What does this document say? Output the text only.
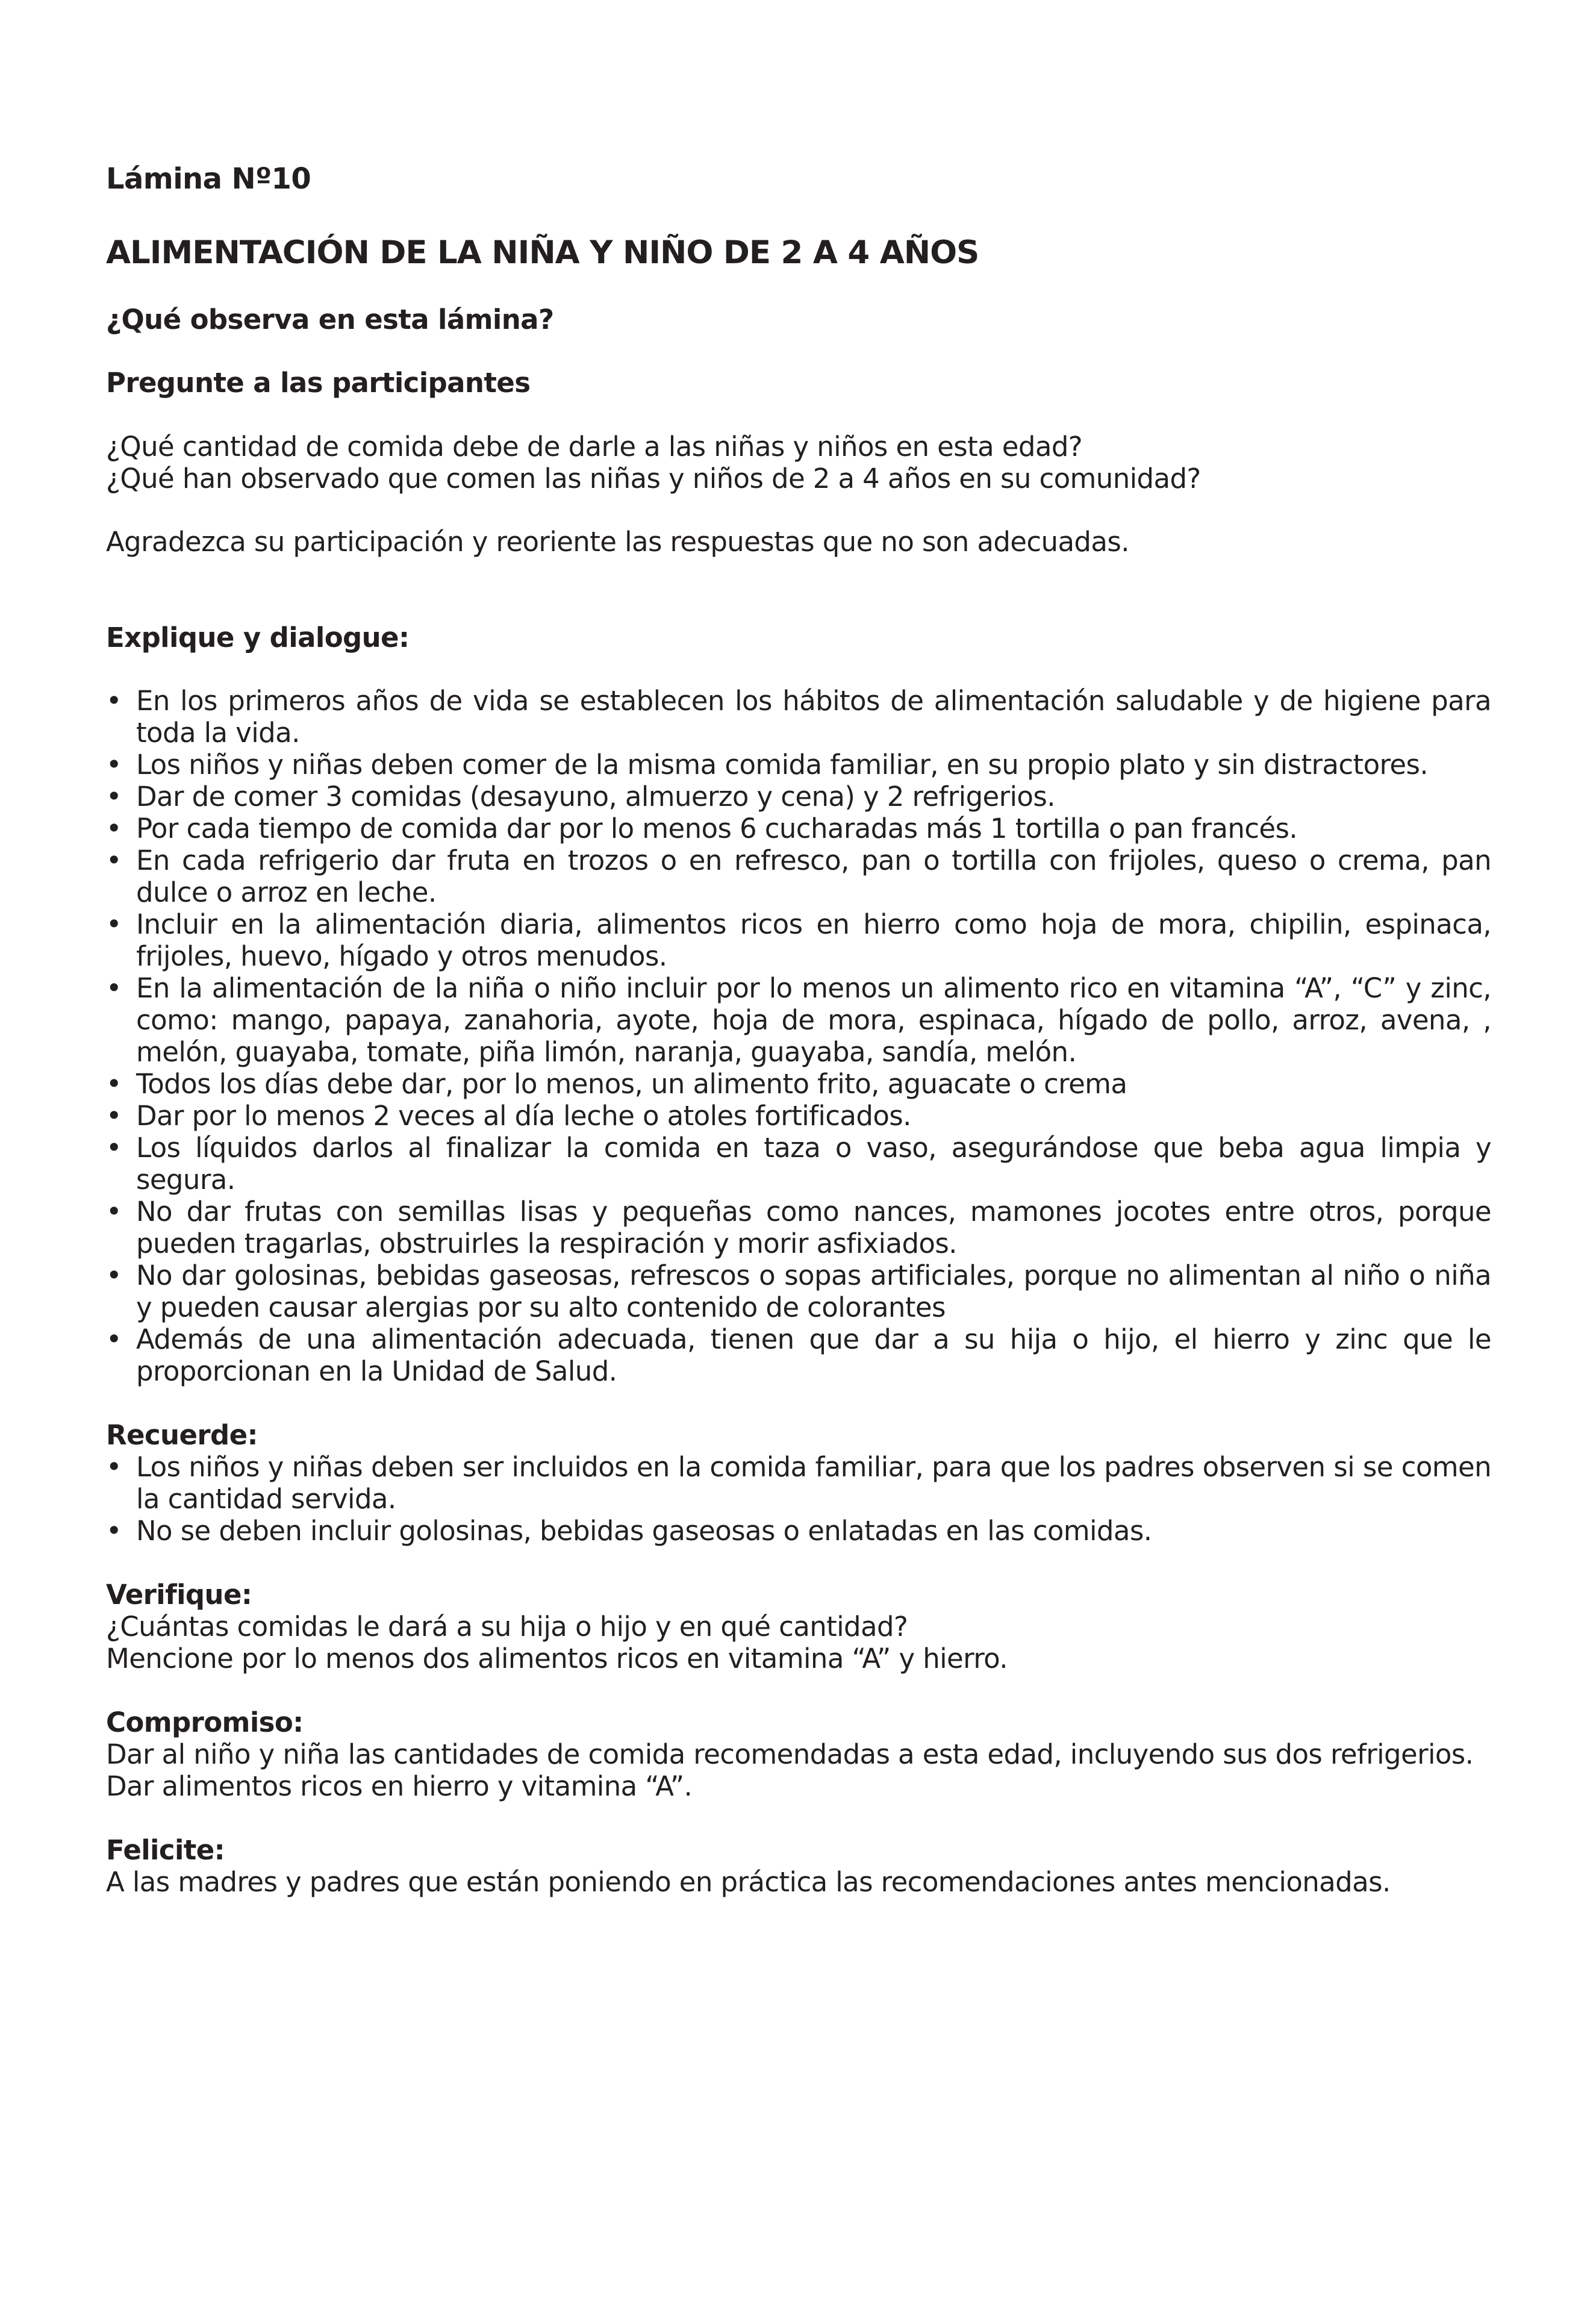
Lámina Nº10
ALIMENTACIÓN DE LA NIÑA Y NIÑO DE 2 A 4 AÑOS
¿Qué observa en esta lámina?
Pregunte a las participantes
¿Qué cantidad de comida debe de darle a las niñas y niños en esta edad?
¿Qué han observado que comen las niñas y niños de 2 a 4 años en su comunidad?
Agradezca su participación y reoriente las respuestas que no son adecuadas.
Explique y dialogue:
• En los primeros años de vida se establecen los hábitos de alimentación saludable y de higiene para toda la vida.
• Los niños y niñas deben comer de la misma comida familiar, en su propio plato y sin distractores.
• Dar de comer 3 comidas (desayuno, almuerzo y cena) y 2 refrigerios.
• Por cada tiempo de comida dar por lo menos 6 cucharadas más 1 tortilla o pan francés.
• En cada refrigerio dar fruta en trozos o en refresco, pan o tortilla con frijoles, queso o crema, pan dulce o arroz en leche.
• Incluir en la alimentación diaria, alimentos ricos en hierro como hoja de mora, chipilin, espinaca, frijoles, huevo, hígado y otros menudos.
• En la alimentación de la niña o niño incluir por lo menos un alimento rico en vitamina “A”, “C” y zinc, como: mango, papaya, zanahoria, ayote, hoja de mora, espinaca, hígado de pollo, arroz, avena, , melón, guayaba, tomate, piña limón, naranja, guayaba, sandía, melón.
• Todos los días debe dar, por lo menos, un alimento frito, aguacate o crema
• Dar por lo menos 2 veces al día leche o atoles fortificados.
• Los líquidos darlos al finalizar la comida en taza o vaso, asegurándose que beba agua limpia y segura.
• No dar frutas con semillas lisas y pequeñas como nances, mamones jocotes entre otros, porque pueden tragarlas, obstruirles la respiración y morir asfixiados.
• No dar golosinas, bebidas gaseosas, refrescos o sopas artificiales, porque no alimentan al niño o niña y pueden causar alergias por su alto contenido de colorantes
• Además de una alimentación adecuada, tienen que dar a su hija o hijo, el hierro y zinc que le proporcionan en la Unidad de Salud.
Recuerde:
• Los niños y niñas deben ser incluidos en la comida familiar, para que los padres observen si se comen la cantidad servida.
• No se deben incluir golosinas, bebidas gaseosas o enlatadas en las comidas.
Verifique:
¿Cuántas comidas le dará a su hija o hijo y en qué cantidad?
Mencione por lo menos dos alimentos ricos en vitamina “A” y hierro.
Compromiso:
Dar al niño y niña las cantidades de comida recomendadas a esta edad, incluyendo sus dos refrigerios.
Dar alimentos ricos en hierro y vitamina “A”.
Felicite:
A las madres y padres que están poniendo en práctica las recomendaciones antes mencionadas.
